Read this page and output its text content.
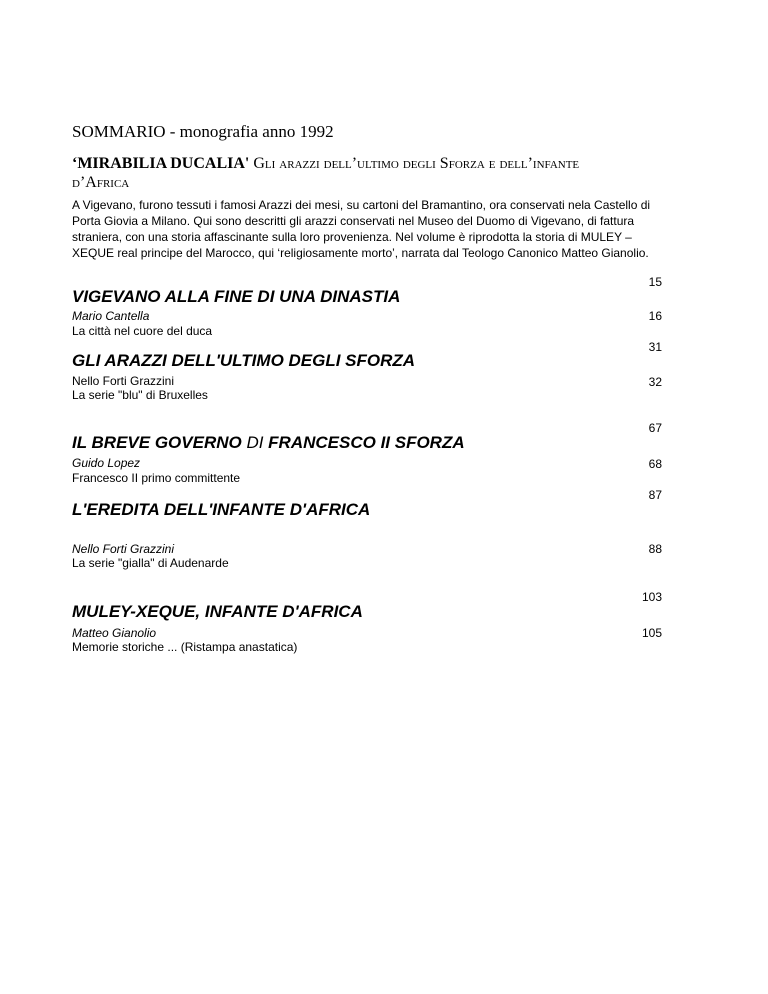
SOMMARIO - monografia anno 1992
‘MIRABILIA DUCALIA' Gli arazzi dell’ultimo degli Sforza e dell’infante d’Africa
A Vigevano, furono tessuti i famosi Arazzi dei mesi, su cartoni del Bramantino, ora conservati nela Castello di Porta Giovia a Milano. Qui sono descritti gli arazzi conservati nel Museo del Duomo di Vigevano, di fattura straniera, con una storia affascinante sulla loro provenienza. Nel volume è riprodotta la storia di MULEY – XEQUE real principe del Marocco, qui ‘religiosamente morto’, narrata dal Teologo Canonico Matteo Gianolio.
15
VIGEVANO ALLA FINE DI UNA DINASTIA
Mario Cantella	16
La città nel cuore del duca
31
GLI ARAZZI DELL'ULTIMO DEGLI SFORZA
Nello Forti Grazzini	32
La serie "blu" di Bruxelles
67
IL BREVE GOVERNO DI FRANCESCO II SFORZA
Guido Lopez	68
Francesco II primo committente
87
L'EREDITA DELL'INFANTE D'AFRICA
Nello Forti Grazzini	88
La serie "gialla" di Audenarde
103
MULEY-XEQUE, INFANTE D'AFRICA
Matteo Gianolio	105
Memorie storiche ... (Ristampa anastatica)
